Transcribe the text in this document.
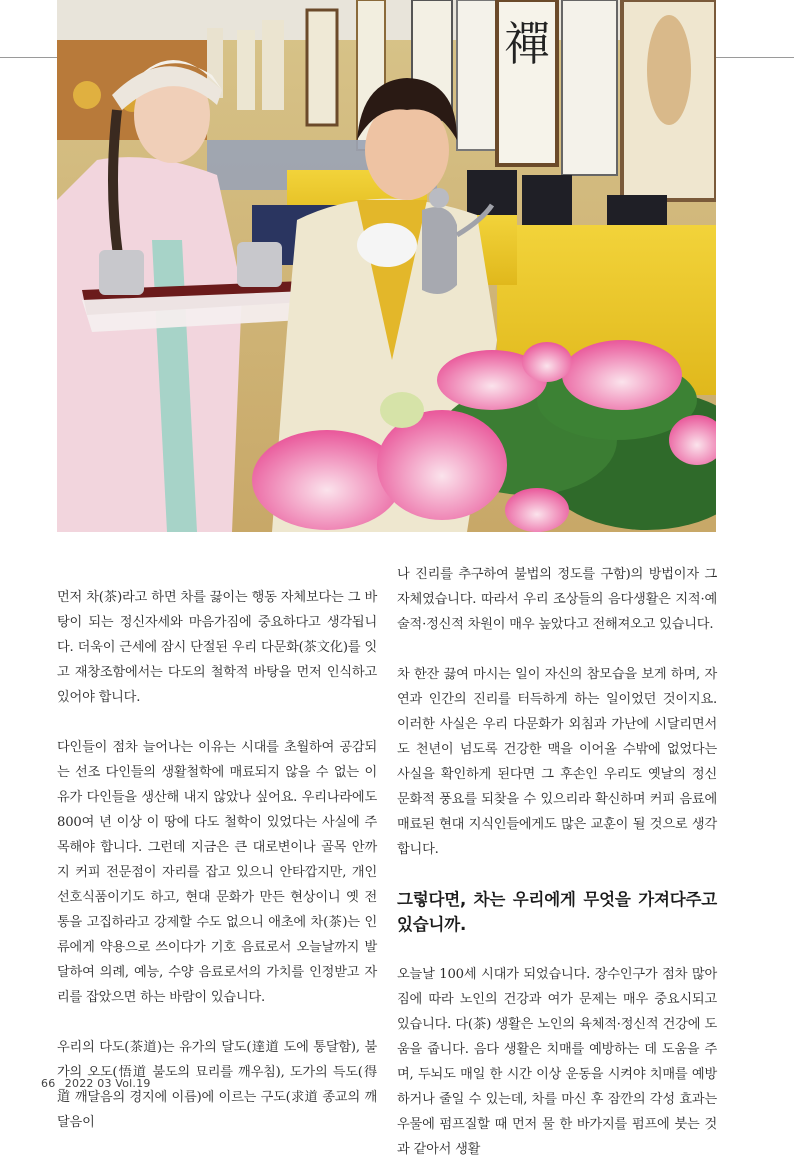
禪

먼저 차(茶)라고 하면 차를 끓이는 행동 자체보다는 그 바탕이 되는 정신자세와 마음가짐에 중요하다고 생각됩니다. 더욱이 근세에 잠시 단절된 우리 다문화(茶文化)를 잇고 재창조함에서는 다도의 철학적 바탕을 먼저 인식하고 있어야 합니다.

다인들이 점차 늘어나는 이유는 시대를 초월하여 공감되는 선조 다인들의 생활철학에 매료되지 않을 수 없는 이유가 다인들을 생산해 내지 않았나 싶어요. 우리나라에도 800여 년 이상 이 땅에 다도 철학이 있었다는 사실에 주목해야 합니다. 그런데 지금은 큰 대로변이나 골목 안까지 커피 전문점이 자리를 잡고 있으니 안타깝지만, 개인 선호식품이기도 하고, 현대 문화가 만든 현상이니 옛 전통을 고집하라고 강제할 수도 없으니 애초에 차(茶)는 인류에게 약용으로 쓰이다가 기호 음료로서 오늘날까지 발달하여 의례, 예능, 수양 음료로서의 가치를 인정받고 자리를 잡았으면 하는 바람이 있습니다.

우리의 다도(茶道)는 유가의 달도(達道 도에 통달함), 불가의 오도(悟道 불도의 묘리를 깨우침), 도가의 득도(得道 깨달음의 경지에 이름)에 이르는 구도(求道 종교의 깨달음이

나 진리를 추구하여 불법의 정도를 구함)의 방법이자 그 자체였습니다. 따라서 우리 조상들의 음다생활은 지적·예술적·정신적 차원이 매우 높았다고 전해져오고 있습니다.

차 한잔 끓여 마시는 일이 자신의 참모습을 보게 하며, 자연과 인간의 진리를 터득하게 하는 일이었던 것이지요. 이러한 사실은 우리 다문화가 외침과 가난에 시달리면서도 천년이 넘도록 건강한 맥을 이어올 수밖에 없었다는 사실을 확인하게 된다면 그 후손인 우리도 옛날의 정신 문화적 풍요를 되찾을 수 있으리라 확신하며 커피 음료에 매료된 현대 지식인들에게도 많은 교훈이 될 것으로 생각합니다.

그렇다면, 차는 우리에게 무엇을 가져다주고 있습니까.

오늘날 100세 시대가 되었습니다. 장수인구가 점차 많아짐에 따라 노인의 건강과 여가 문제는 매우 중요시되고 있습니다. 다(茶) 생활은 노인의 육체적·정신적 건강에 도움을 줍니다. 음다 생활은 치매를 예방하는 데 도움을 주며, 두뇌도 매일 한 시간 이상 운동을 시켜야 치매를 예방하거나 줄일 수 있는데, 차를 마신 후 잠깐의 각성 효과는 우물에 펌프질할 때 먼저 물 한 바가지를 펌프에 붓는 것과 같아서 생활

66 _2022 03 Vol.19
